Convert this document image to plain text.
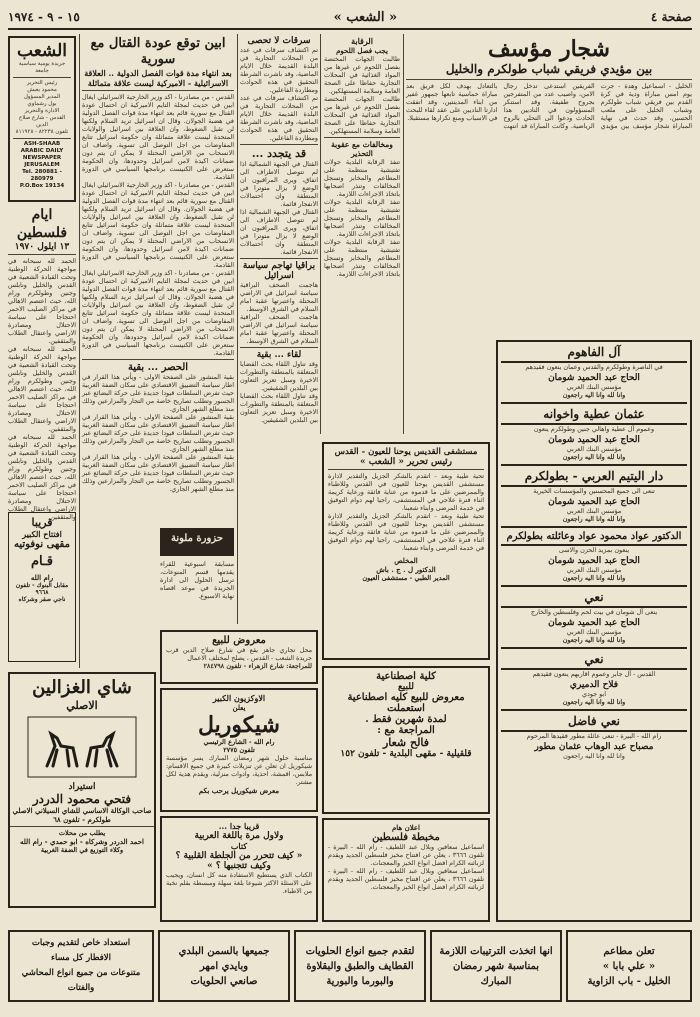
١٥ - ٩ - ١٩٧٤	« الشعب »	صفحة ٤
الشعب
جريدة يومية سياسية جامعة
رئيس التحرير
محمود يعيش
المدير المسؤول
بول رشماوي
الادارة والتحرير
القدس - شارع صلاح الدين
تلفون ٨٢٢٣٨ - ٨١١٩٢٨
ASH-SHAAB
ARABIC DAILY
NEWSPAPER
JERUSALEM
Tel. 280881 - 280979
P.O.Box 19134
ايام فلسطين
١٣ ايلول ١٩٧٠
الحمد لله سبحانه في مواجهة الحركة الوطنية وتحت القيادة الشعبية في القدس والخليل ونابلس وجنين وطولكرم ورام الله، حيث اعتصم الاهالي في مراكز الصليب الاحمر احتجاجا على سياسة الاحتلال ومصادرة الاراضي واعتقال الطلاب والمثقفين.
الحمد لله سبحانه في مواجهة الحركة الوطنية وتحت القيادة الشعبية في القدس والخليل ونابلس وجنين وطولكرم ورام الله، حيث اعتصم الاهالي في مراكز الصليب الاحمر احتجاجا على سياسة الاحتلال ومصادرة الاراضي واعتقال الطلاب والمثقفين.
الحمد لله سبحانه في مواجهة الحركة الوطنية وتحت القيادة الشعبية في القدس والخليل ونابلس وجنين وطولكرم ورام الله، حيث اعتصم الاهالي في مراكز الصليب الاحمر احتجاجا على سياسة الاحتلال ومصادرة الاراضي واعتقال الطلاب والمثقفين.
قريبا
افتتاح الكبير
مقهى نوفوتيه
قـام
رام الله
مقابل البنوك - تلفون ٩٦٦٨
ناجي صقر وشركاه
ابين توقع عودة القتال مع سورية
بعد انتهاء مدة قوات الفصل الدولية .. العلاقة الاسرائيلية - الاميركية ليست علاقة متماثلة
القدس - من مصادرنا - اكد وزير الخارجية الاسرائيلي ايغال ابين في حديث لمجلة التايم الاميركية ان احتمال عودة القتال مع سورية قائم بعد انتهاء مدة قوات الفصل الدولية في هضبة الجولان. وقال ان اسرائيل تريد السلام ولكنها لن تقبل الضغوط، وان العلاقة بين اسرائيل والولايات المتحدة ليست علاقة متماثلة وان حكومة اسرائيل تتابع المفاوضات من اجل التوصل الى تسوية. واضاف ان الانسحاب من الاراضي المحتلة لا يمكن ان يتم دون ضمانات اكيدة لامن اسرائيل وحدودها، وان الحكومة ستعرض على الكنيست برنامجها السياسي في الدورة القادمة.
القدس - من مصادرنا - اكد وزير الخارجية الاسرائيلي ايغال ابين في حديث لمجلة التايم الاميركية ان احتمال عودة القتال مع سورية قائم بعد انتهاء مدة قوات الفصل الدولية في هضبة الجولان. وقال ان اسرائيل تريد السلام ولكنها لن تقبل الضغوط، وان العلاقة بين اسرائيل والولايات المتحدة ليست علاقة متماثلة وان حكومة اسرائيل تتابع المفاوضات من اجل التوصل الى تسوية. واضاف ان الانسحاب من الاراضي المحتلة لا يمكن ان يتم دون ضمانات اكيدة لامن اسرائيل وحدودها، وان الحكومة ستعرض على الكنيست برنامجها السياسي في الدورة القادمة.
القدس - من مصادرنا - اكد وزير الخارجية الاسرائيلي ايغال ابين في حديث لمجلة التايم الاميركية ان احتمال عودة القتال مع سورية قائم بعد انتهاء مدة قوات الفصل الدولية في هضبة الجولان. وقال ان اسرائيل تريد السلام ولكنها لن تقبل الضغوط، وان العلاقة بين اسرائيل والولايات المتحدة ليست علاقة متماثلة وان حكومة اسرائيل تتابع المفاوضات من اجل التوصل الى تسوية. واضاف ان الانسحاب من الاراضي المحتلة لا يمكن ان يتم دون ضمانات اكيدة لامن اسرائيل وحدودها، وان الحكومة ستعرض على الكنيست برنامجها السياسي في الدورة القادمة.
الحصر ... بقية
بقية المنشور على الصفحة الاولى - ويأتي هذا القرار في اطار سياسة التضييق الاقتصادي على سكان الضفة الغربية حيث تفرض السلطات قيودا جديدة على حركة البضائع عبر الجسور وتطلب تصاريح خاصة من التجار والمزارعين وذلك منذ مطلع الشهر الجاري.
بقية المنشور على الصفحة الاولى - ويأتي هذا القرار في اطار سياسة التضييق الاقتصادي على سكان الضفة الغربية حيث تفرض السلطات قيودا جديدة على حركة البضائع عبر الجسور وتطلب تصاريح خاصة من التجار والمزارعين وذلك منذ مطلع الشهر الجاري.
بقية المنشور على الصفحة الاولى - ويأتي هذا القرار في اطار سياسة التضييق الاقتصادي على سكان الضفة الغربية حيث تفرض السلطات قيودا جديدة على حركة البضائع عبر الجسور وتطلب تصاريح خاصة من التجار والمزارعين وذلك منذ مطلع الشهر الجاري.
سرقات لا تحصى
تم اكتشاف سرقات في عدد من المحلات التجارية في البلدة القديمة خلال الايام الماضية، وقد باشرت الشرطة التحقيق في هذه الحوادث ومطاردة الفاعلين.
تم اكتشاف سرقات في عدد من المحلات التجارية في البلدة القديمة خلال الايام الماضية، وقد باشرت الشرطة التحقيق في هذه الحوادث ومطاردة الفاعلين.
قد يتجدد ...
القتال في الجبهة الشمالية اذا لم تتوصل الاطراف الى اتفاق، ويرى المراقبون ان الوضع لا يزال متوترا في المنطقة وان احتمالات الانفجار قائمة.
القتال في الجبهة الشمالية اذا لم تتوصل الاطراف الى اتفاق، ويرى المراقبون ان الوضع لا يزال متوترا في المنطقة وان احتمالات الانفجار قائمة.
براقيا تهاجم سياسة اسرائيل
هاجمت الصحف البراقية سياسة اسرائيل في الاراضي المحتلة واعتبرتها عقبة امام السلام في الشرق الاوسط.
هاجمت الصحف البراقية سياسة اسرائيل في الاراضي المحتلة واعتبرتها عقبة امام السلام في الشرق الاوسط.
لقاء ... بقية
وقد تناول اللقاء بحث القضايا المتعلقة بالمنطقة والتطورات الاخيرة وسبل تعزيز التعاون بين البلدين الشقيقين.
وقد تناول اللقاء بحث القضايا المتعلقة بالمنطقة والتطورات الاخيرة وسبل تعزيز التعاون بين البلدين الشقيقين.
حزورة ملونة
مسابقة اسبوعية للقراء يقدمها قسم المنوعات، ترسل الحلول الى ادارة الجريدة في موعد اقصاه نهاية الاسبوع.
الرقابة
يجب فصل اللحوم
طالبت الجهات المختصة بفصل اللحوم عن غيرها من المواد الغذائية في المحلات التجارية حفاظا على الصحة العامة وسلامة المستهلكين.
طالبت الجهات المختصة بفصل اللحوم عن غيرها من المواد الغذائية في المحلات التجارية حفاظا على الصحة العامة وسلامة المستهلكين.
ومخالفات مع عقوبة التحذير
تنفذ الرقابة البلدية جولات تفتيشية منتظمة على المطاعم والمخابز وتسجل المخالفات وتنذر اصحابها باتخاذ الاجراءات اللازمة.
تنفذ الرقابة البلدية جولات تفتيشية منتظمة على المطاعم والمخابز وتسجل المخالفات وتنذر اصحابها باتخاذ الاجراءات اللازمة.
تنفذ الرقابة البلدية جولات تفتيشية منتظمة على المطاعم والمخابز وتسجل المخالفات وتنذر اصحابها باتخاذ الاجراءات اللازمة.
شجار مؤسف
بين مؤيدي فريقي شباب طولكرم والخليل
الخليل - اسماعيل وهدة - جرت يوم امس مباراة ودية في كرة القدم بين فريقي شباب طولكرم وشباب الخليل على ملعب الحسين، وقد حدث في نهاية المباراة شجار مؤسف بين مؤيدي الفريقين استدعى تدخل رجال الامن، واصيب عدد من المتفرجين بجروح طفيفة. وقد استنكر المسؤولون في الناديين هذا الحادث ودعوا الى التحلي بالروح الرياضية. وكانت المباراة قد انتهت بالتعادل بهدف لكل فريق بعد مباراة حماسية تابعها جمهور غفير من ابناء المدينتين، وقد اتفقت ادارتا الناديين على عقد لقاء للبحث في الاسباب ومنع تكرارها مستقبلا.
مستشفى القديس يوحنا للعيون - القدس
رئيس تحرير « الشعب »
تحية طيبة وبعد - اتقدم بالشكر الجزيل والتقدير لادارة مستشفى القديس يوحنا للعيون في القدس وللاطباء والممرضين على ما قدموه من عناية فائقة ورعاية كريمة اثناء فترة علاجي في المستشفى، راجيا لهم دوام التوفيق في خدمة المرضى وابناء شعبنا.
تحية طيبة وبعد - اتقدم بالشكر الجزيل والتقدير لادارة مستشفى القديس يوحنا للعيون في القدس وللاطباء والممرضين على ما قدموه من عناية فائقة ورعاية كريمة اثناء فترة علاجي في المستشفى، راجيا لهم دوام التوفيق في خدمة المرضى وابناء شعبنا.
المخلص
الدكتور ل . ج . باش
المدير الطبي - مستشفى العيون
معروض للبيع
محل تجاري جاهز يقع في شارع صلاح الدين قرب جريدة الشعب - القدس ، يصلح لمختلف الاعمال
للمراجعة: شارع الزهراء - تلفون ٢٨٤٧٩٨
الاوكزيون الكبير
يعلن
شيكوريل
رام الله - الشارع الرئيسي
تلفون ٢٧٧٥
مناسبة حلول شهر رمضان المبارك يسر مؤسسة شيكوريل ان تعلن عن تنزيلات كبيرة في جميع الاقسام: ملابس، اقمشة، احذية، وادوات منزلية، ويقدم هدية لكل مشتر.
معرض شيكوريل يرحب بكم
قريبا جدا ...
ولاول مرة باللغة العربية
كتاب
« كيف تتحرر من الجلطة القلبية ؟
وكيف تتجنبها ؟ »
الكتاب الذي يستطيع الاستفادة منه كل انسان، ويجيب على الاسئلة الاكثر شيوعا بلغة سهلة ومبسطة بقلم نخبة من الاطباء.
كلية اصطناعية
للبيع
معروض للبيع كليه اصطناعية استعملت
لمدة شهرين فقط .
المراجعة مع :
فالح شعار
قلقيلية - مقهى البلدية - تلفون ١٥٢
اعلان هام
مخبطة فلسطين
اسماعيل سعافين وبلال عبد اللطيف - رام الله - البيرة - تلفون ٣٦٦٦ ، يعلن عن افتتاح مخبز فلسطين الجديد ويقدم لزبائنه الكرام افضل انواع الخبز والمعجنات.
اسماعيل سعافين وبلال عبد اللطيف - رام الله - البيرة - تلفون ٣٦٦٦ ، يعلن عن افتتاح مخبز فلسطين الجديد ويقدم لزبائنه الكرام افضل انواع الخبز والمعجنات.
شاي الغزالين
الاصلي
استيراد
فتحي محمود الدردر
صاحب الوكالة الاساسي للشاي السيلاني الاصلي
طولكرم - تلفون ٦٨
يطلب من محلات
احمد الدردر وشركاه - ابو حمدي - رام الله
وكلاء التوزيع في الضفة الغربية
آل الفاهوم
في الناصرة وطولكرم والقدس وعمان ينعون فقيدهم
الحاج عبد الحميد شومان
مؤسس البنك العربي
وانا لله وانا اليه راجعون
عثمان عطية واخوانه
وعموم آل عطية واهالي جنين وطولكرم ينعون
الحاج عبد الحميد شومان
مؤسس البنك العربي
وانا لله وانا اليه راجعون
دار اليتيم العربي - بطولكرم
تنعى الى جميع المحسنين والمؤسسات الخيرية
الحاج عبد الحميد شومان
مؤسس البنك العربي
وانا لله وانا اليه راجعون
الدكتور عواد محمود عواد وعائلته بطولكرم
ينعون بمزيد الحزن والاسى
الحاج عبد الحميد شومان
مؤسس البنك العربي
وانا لله وانا اليه راجعون
نعي
ينعى آل شومان في بيت لحم وفلسطين والخارج
الحاج عبد الحميد شومان
مؤسس البنك العربي
وانا لله وانا اليه راجعون
نعي
القدس - آل جابر وعموم اقاربهم ينعون فقيدهم
فلاح الدميري
ابو جودي
وانا لله وانا اليه راجعون
نعي فاضل
رام الله - البيرة - تنعى عائلة مطور فقيدها المرحوم
مصباح عبد الوهاب عثمان مطور
وانا لله وانا اليه راجعون
تعلن مطاعم
« علي بابا »
الخليل - باب الزاوية
انها اتخذت الترتيبات اللازمة
بمناسبة شهر رمضان
المبارك
لتقدم جميع انواع الحلويات
القطايف والطبق والبقلاوة
والبورما والبورية
جميعها بالسمن البلدي
وبايدي امهر
صانعي الحلويات
استعداد خاص لتقديم وجبات
الافطار كل مساء
متنوعات من جميع انواع المحاشي والفتات
